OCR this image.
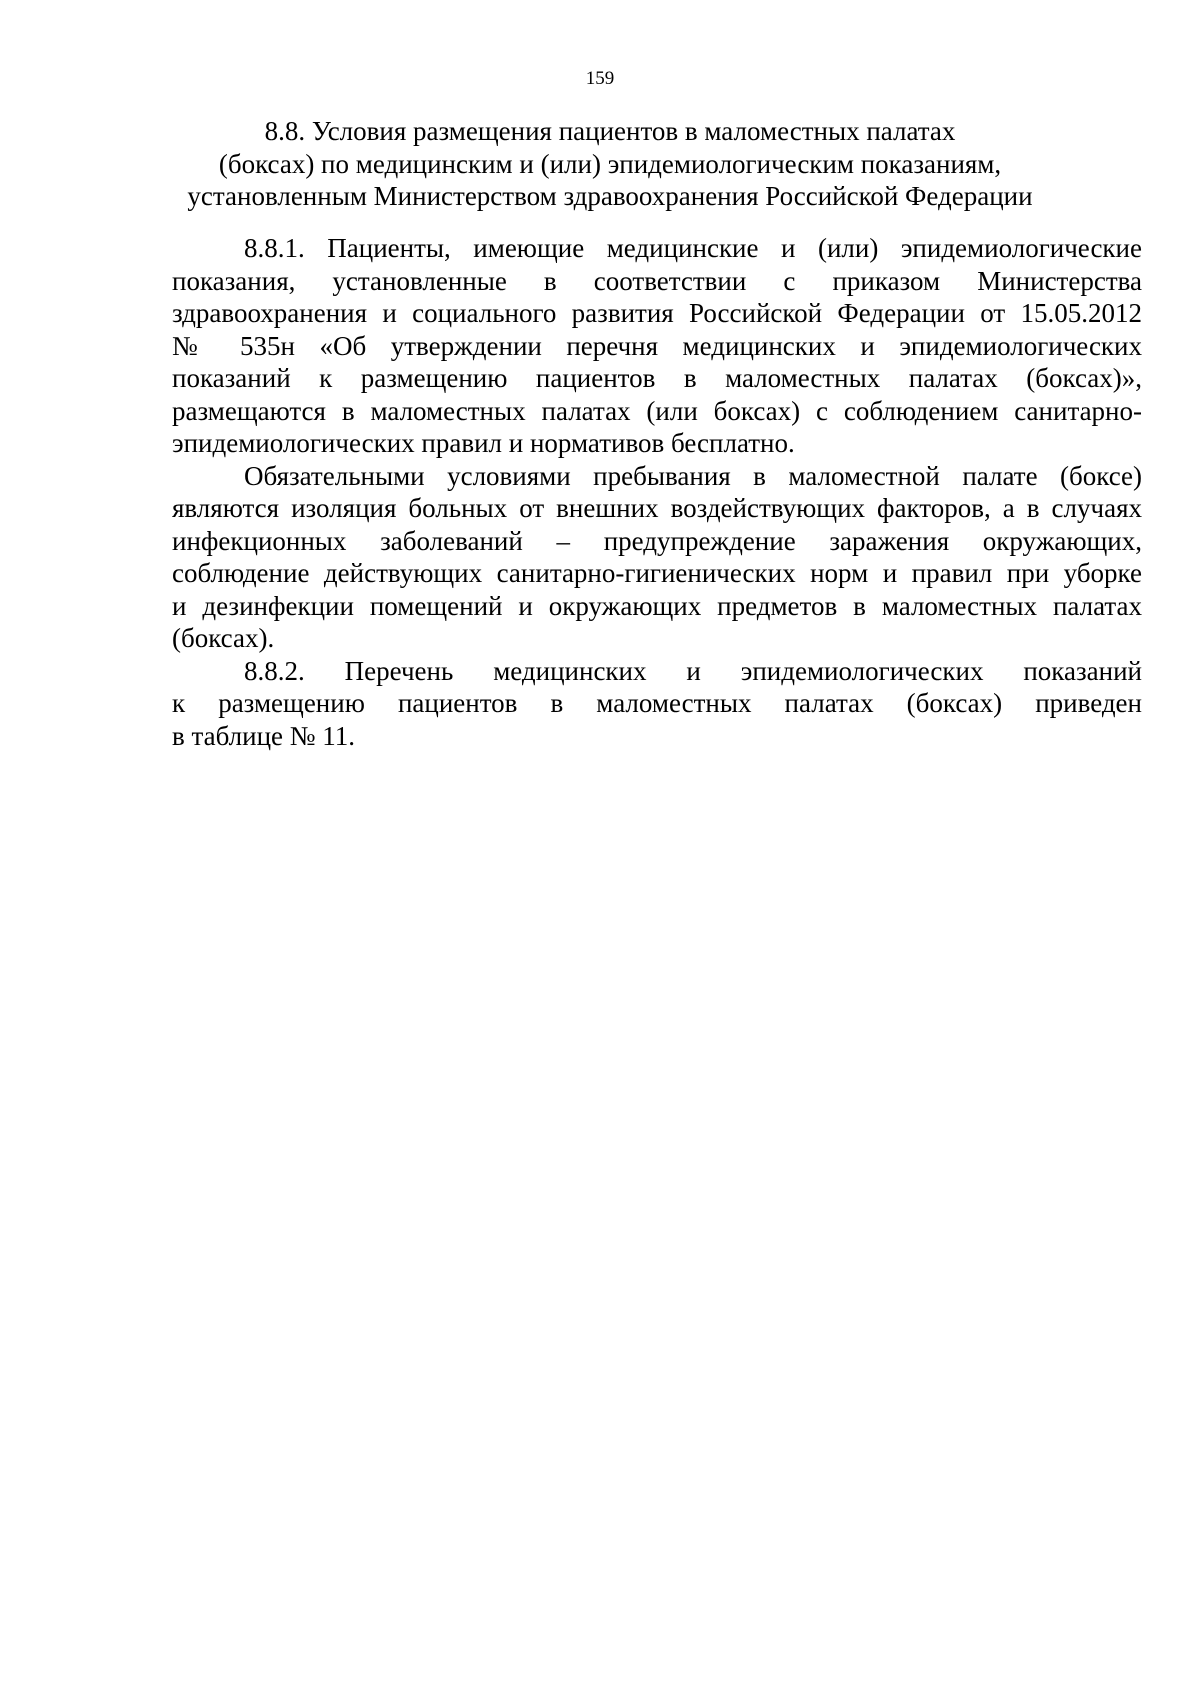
159
8.8. Условия размещения пациентов в маломестных палатах
(боксах) по медицинским и (или) эпидемиологическим показаниям,
установленным Министерством здравоохранения Российской Федерации

8.8.1. Пациенты, имеющие медицинские и (или) эпидемиологические
показания, установленные в соответствии с приказом Министерства
здравоохранения и социального развития Российской Федерации от 15.05.2012
№ 535н «Об утверждении перечня медицинских и эпидемиологических
показаний к размещению пациентов в маломестных палатах (боксах)»,
размещаются в маломестных палатах (или боксах) с соблюдением санитарно-
эпидемиологических правил и нормативов бесплатно.

Обязательными условиями пребывания в маломестной палате (боксе)
являются изоляция больных от внешних воздействующих факторов, а в случаях
инфекционных заболеваний – предупреждение заражения окружающих,
соблюдение действующих санитарно-гигиенических норм и правил при уборке
и дезинфекции помещений и окружающих предметов в маломестных палатах
(боксах).

8.8.2. Перечень медицинских и эпидемиологических показаний
к размещению пациентов в маломестных палатах (боксах) приведен
в таблице № 11.
